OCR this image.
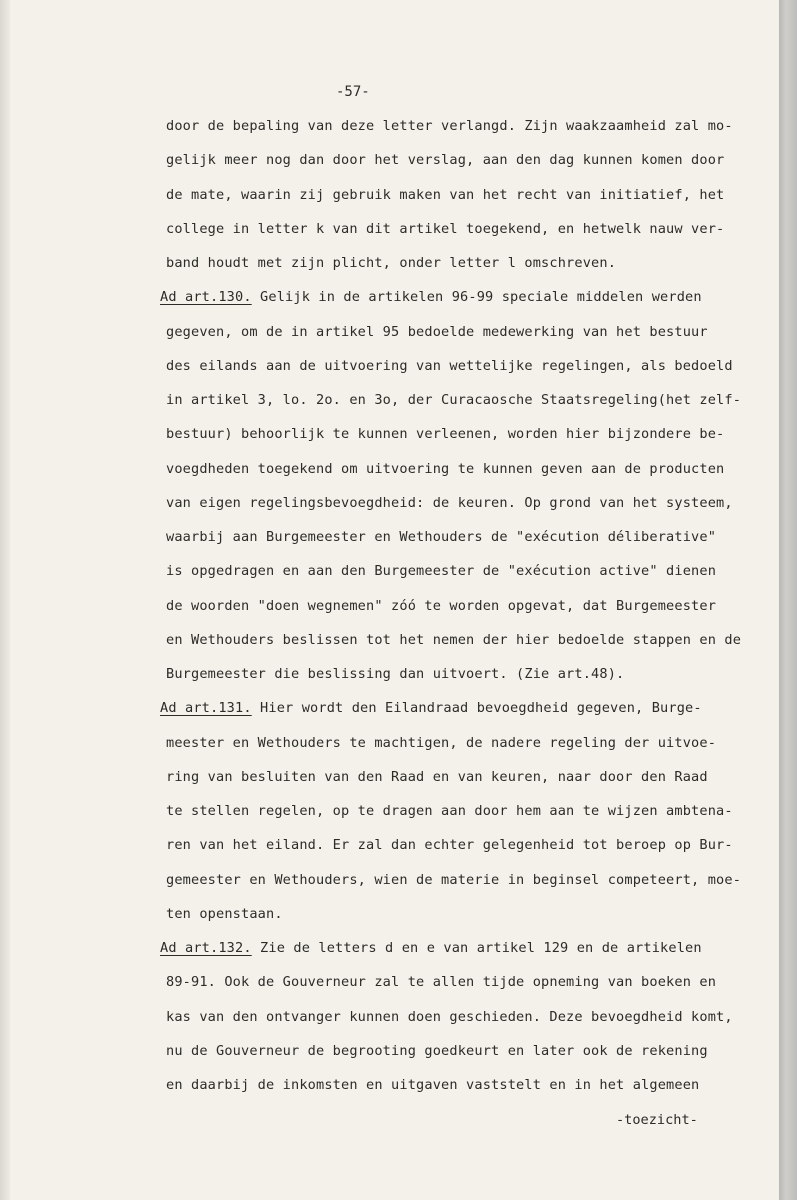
-57-
door de bepaling van deze letter verlangd. Zijn waakzaamheid zal mo-
gelijk meer nog dan door het verslag, aan den dag kunnen komen door
de mate, waarin zij gebruik maken van het recht van initiatief, het
college in letter k van dit artikel toegekend, en hetwelk nauw ver-
band houdt met zijn plicht, onder letter l omschreven.
Ad art.130. Gelijk in de artikelen 96-99 speciale middelen werden
gegeven, om de in artikel 95 bedoelde medewerking van het bestuur
des eilands aan de uitvoering van wettelijke regelingen, als bedoeld
in artikel 3, lo. 2o. en 3o, der Curacaosche Staatsregeling(het zelf-
bestuur) behoorlijk te kunnen verleenen, worden hier bijzondere be-
voegdheden toegekend om uitvoering te kunnen geven aan de producten
van eigen regelingsbevoegdheid: de keuren. Op grond van het systeem,
waarbij aan Burgemeester en Wethouders de "exécution déliberative"
is opgedragen en aan den Burgemeester de "exécution active" dienen
de woorden "doen wegnemen" zóó te worden opgevat, dat Burgemeester
en Wethouders beslissen tot het nemen der hier bedoelde stappen en de
Burgemeester die beslissing dan uitvoert. (Zie art.48).
Ad art.131. Hier wordt den Eilandraad bevoegdheid gegeven, Burge-
meester en Wethouders te machtigen, de nadere regeling der uitvoe-
ring van besluiten van den Raad en van keuren, naar door den Raad
te stellen regelen, op te dragen aan door hem aan te wijzen ambtena-
ren van het eiland. Er zal dan echter gelegenheid tot beroep op Bur-
gemeester en Wethouders, wien de materie in beginsel competeert, moe-
ten openstaan.
Ad art.132. Zie de letters d en e van artikel 129 en de artikelen
89-91. Ook de Gouverneur zal te allen tijde opneming van boeken en
kas van den ontvanger kunnen doen geschieden. Deze bevoegdheid komt,
nu de Gouverneur de begrooting goedkeurt en later ook de rekening
en daarbij de inkomsten en uitgaven vaststelt en in het algemeen
-toezicht-
